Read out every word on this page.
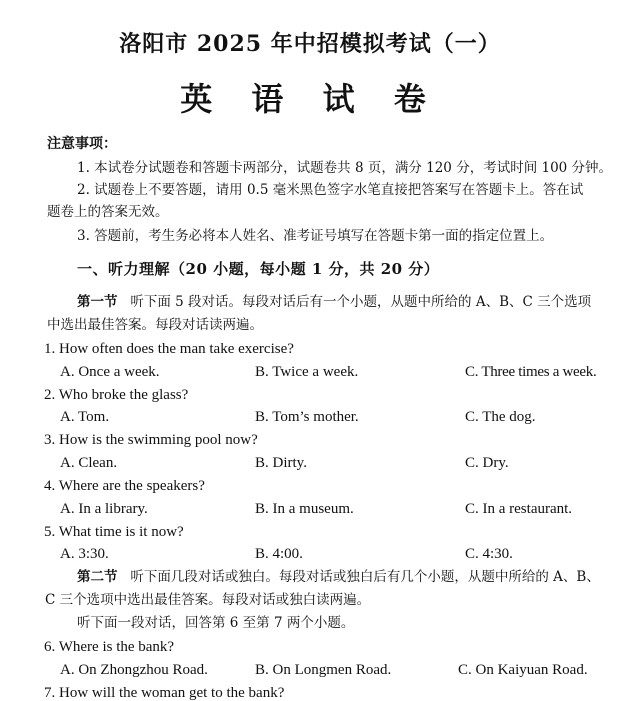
洛阳市 2025 年中招模拟考试（一）
英 语 试 卷
注意事项：
1. 本试卷分试题卷和答题卡两部分，试题卷共 8 页，满分 120 分，考试时间 100 分钟。
2. 试题卷上不要答题，请用 0.5 毫米黑色签字水笔直接把答案写在答题卡上。答在试
题卷上的答案无效。
3. 答题前，考生务必将本人姓名、准考证号填写在答题卡第一面的指定位置上。
一、听力理解（20 小题，每小题 1 分，共 20 分）
第一节 听下面 5 段对话。每段对话后有一个小题，从题中所给的 A、B、C 三个选项
中选出最佳答案。每段对话读两遍。
1. How often does the man take exercise?
A. Once a week.	B. Twice a week.	C. Three times a week.
2. Who broke the glass?
A. Tom.	B. Tom’s mother.	C. The dog.
3. How is the swimming pool now?
A. Clean.	B. Dirty.	C. Dry.
4. Where are the speakers?
A. In a library.	B. In a museum.	C. In a restaurant.
5. What time is it now?
A. 3:30.	B. 4:00.	C. 4:30.
第二节 听下面几段对话或独白。每段对话或独白后有几个小题，从题中所给的 A、B、
C 三个选项中选出最佳答案。每段对话或独白读两遍。
听下面一段对话，回答第 6 至第 7 两个小题。
6. Where is the bank?
A. On Zhongzhou Road.	B. On Longmen Road.	C. On Kaiyuan Road.
7. How will the woman get to the bank?
